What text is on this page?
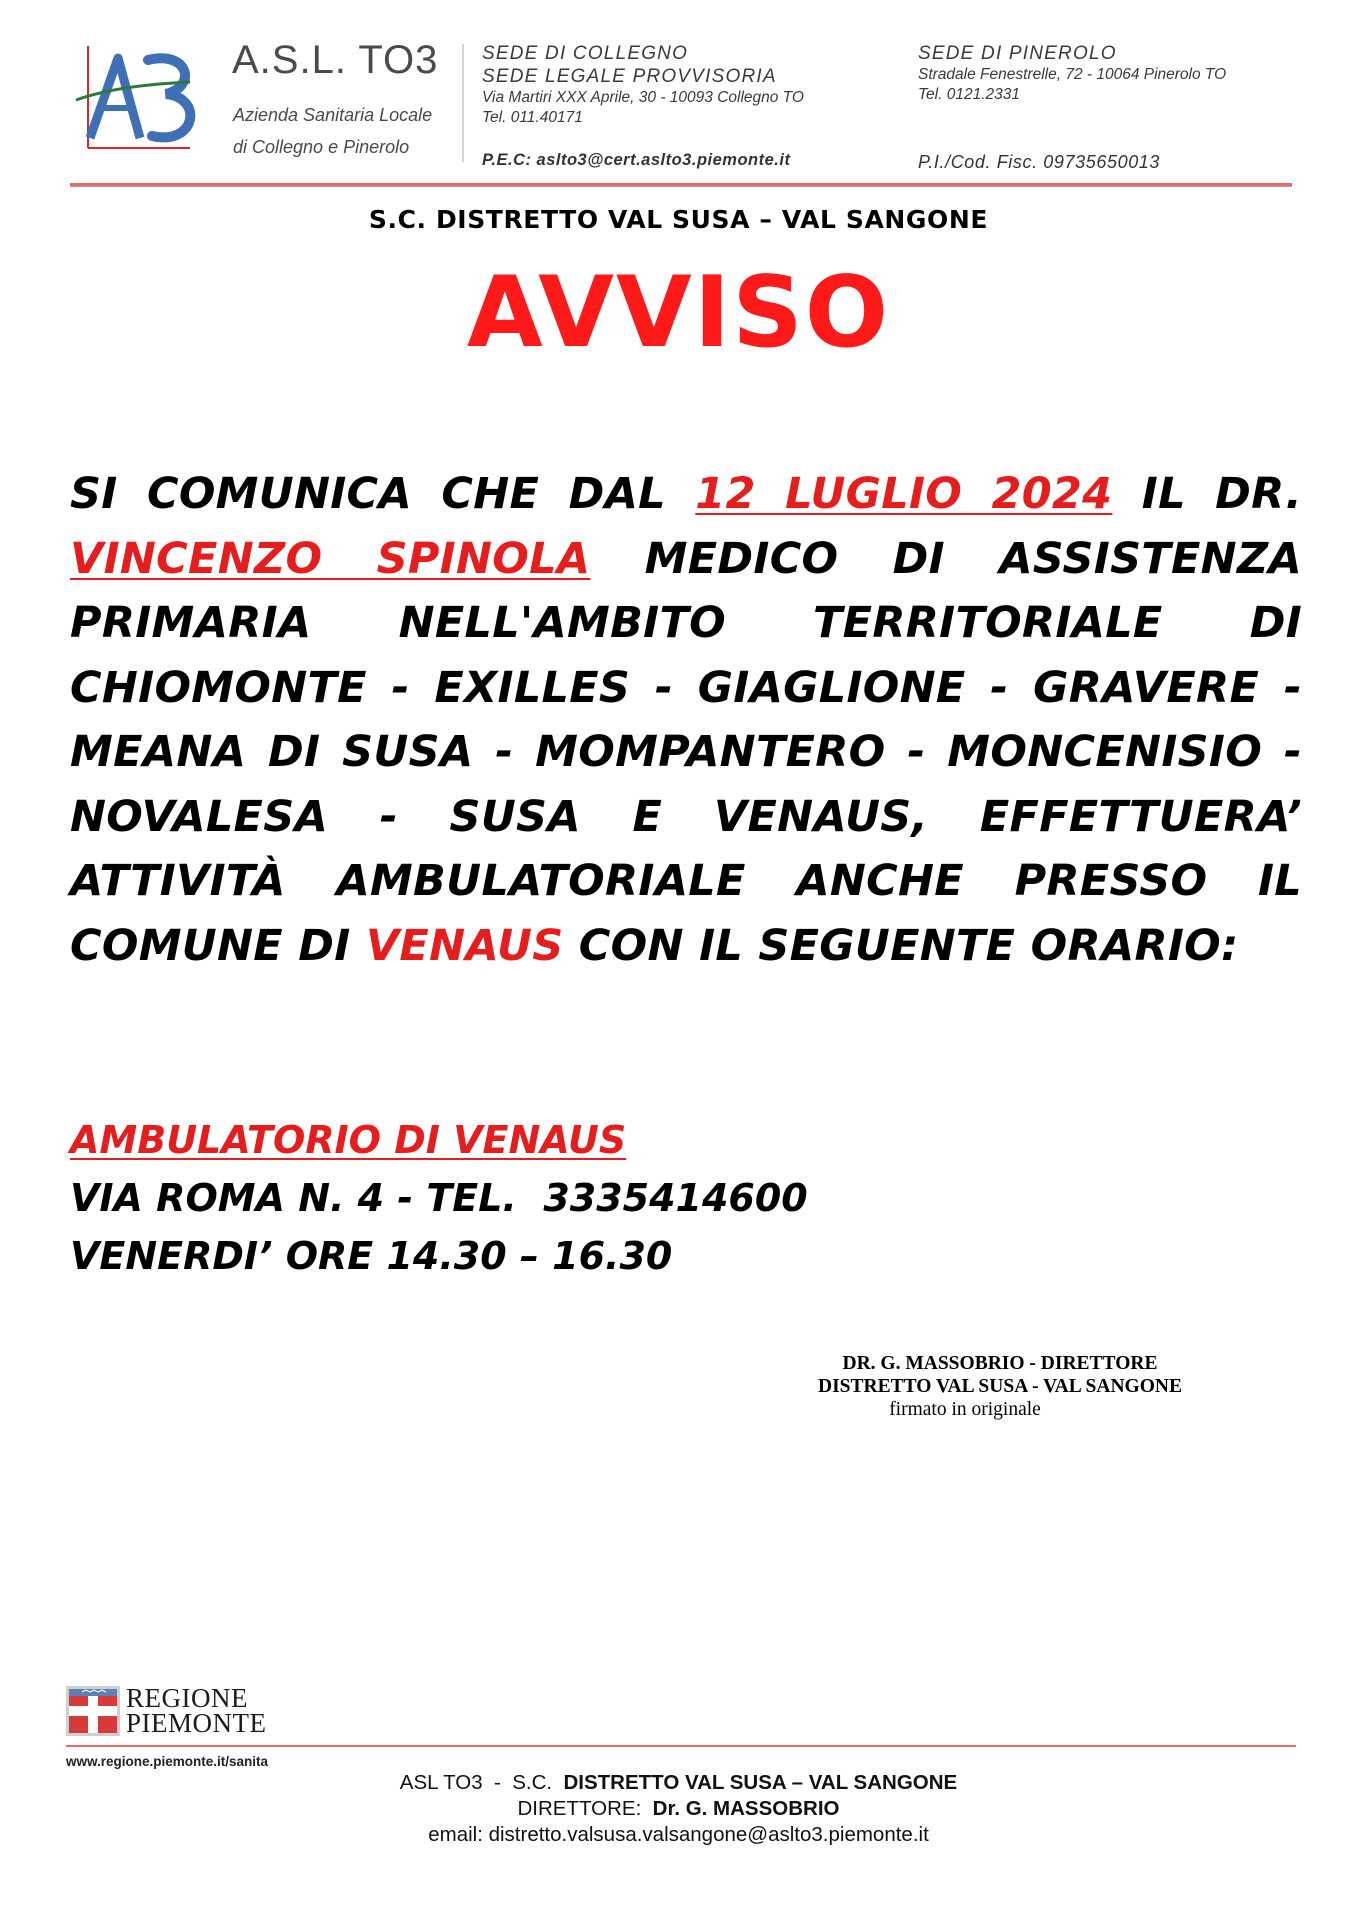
A.S.L. TO3
Azienda Sanitaria Locale
di Collegno e Pinerolo
SEDE DI COLLEGNO
SEDE LEGALE PROVVISORIA
Via Martiri XXX Aprile, 30 - 10093 Collegno TO
Tel. 011.40171
SEDE DI PINEROLO
Stradale Fenestrelle, 72 - 10064 Pinerolo TO
Tel. 0121.2331
P.E.C: aslto3@cert.aslto3.piemonte.it	P.I./Cod. Fisc. 09735650013
S.C. DISTRETTO VAL SUSA – VAL SANGONE
AVVISO
SI COMUNICA CHE DAL 12 LUGLIO 2024 IL DR. VINCENZO SPINOLA MEDICO DI ASSISTENZA PRIMARIA NELL'AMBITO TERRITORIALE DI CHIOMONTE - EXILLES - GIAGLIONE - GRAVERE - MEANA DI SUSA - MOMPANTERO - MONCENISIO - NOVALESA - SUSA E VENAUS, EFFETTUERA’ ATTIVITÀ AMBULATORIALE ANCHE PRESSO IL COMUNE DI VENAUS CON IL SEGUENTE ORARIO:
AMBULATORIO DI VENAUS
VIA ROMA N. 4 - TEL.  3335414600
VENERDI’ ORE 14.30 – 16.30
DR. G. MASSOBRIO - DIRETTORE
DISTRETTO VAL SUSA - VAL SANGONE
firmato in originale
REGIONE
PIEMONTE
www.regione.piemonte.it/sanita
ASL TO3  -  S.C.  DISTRETTO VAL SUSA – VAL SANGONE
DIRETTORE:  Dr. G. MASSOBRIO
email: distretto.valsusa.valsangone@aslto3.piemonte.it
